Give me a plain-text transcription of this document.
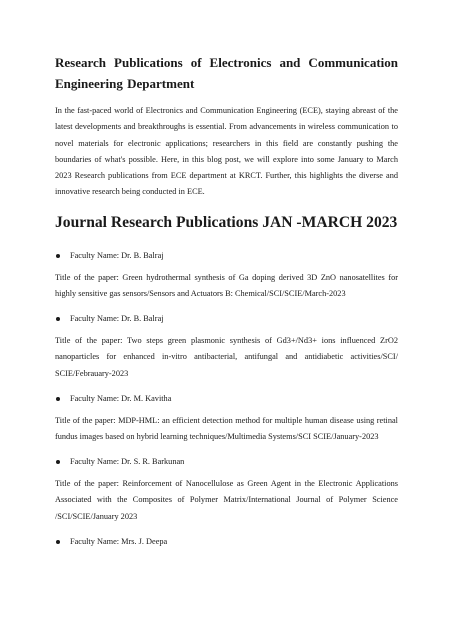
Research Publications of Electronics and Communication Engineering Department

In the fast-paced world of Electronics and Communication Engineering (ECE), staying abreast of the latest developments and breakthroughs is essential. From advancements in wireless communication to novel materials for electronic applications; researchers in this field are constantly pushing the boundaries of what's possible. Here, in this blog post, we will explore into some January to March 2023 Research publications from ECE department at KRCT. Further, this highlights the diverse and innovative research being conducted in ECE.

Journal Research Publications JAN -MARCH 2023

Faculty Name: Dr. B. Balraj

Title of the paper: Green hydrothermal synthesis of Ga doping derived 3D ZnO nanosatellites for highly sensitive gas sensors/Sensors and Actuators B: Chemical/SCI/SCIE/March-2023

Faculty Name: Dr. B. Balraj

Title of the paper: Two steps green plasmonic synthesis of Gd3+/Nd3+ ions influenced ZrO2 nanoparticles for enhanced in-vitro antibacterial, antifungal and antidiabetic activities/SCI/ SCIE/Febrauary-2023

Faculty Name: Dr. M. Kavitha

Title of the paper: MDP-HML: an efficient detection method for multiple human disease using retinal fundus images based on hybrid learning techniques/Multimedia Systems/SCI SCIE/January-2023

Faculty Name: Dr. S. R. Barkunan

Title of the paper: Reinforcement of Nanocellulose as Green Agent in the Electronic Applications Associated with the Composites of Polymer Matrix/International Journal of Polymer Science /SCI/SCIE/January 2023

Faculty Name: Mrs. J. Deepa
